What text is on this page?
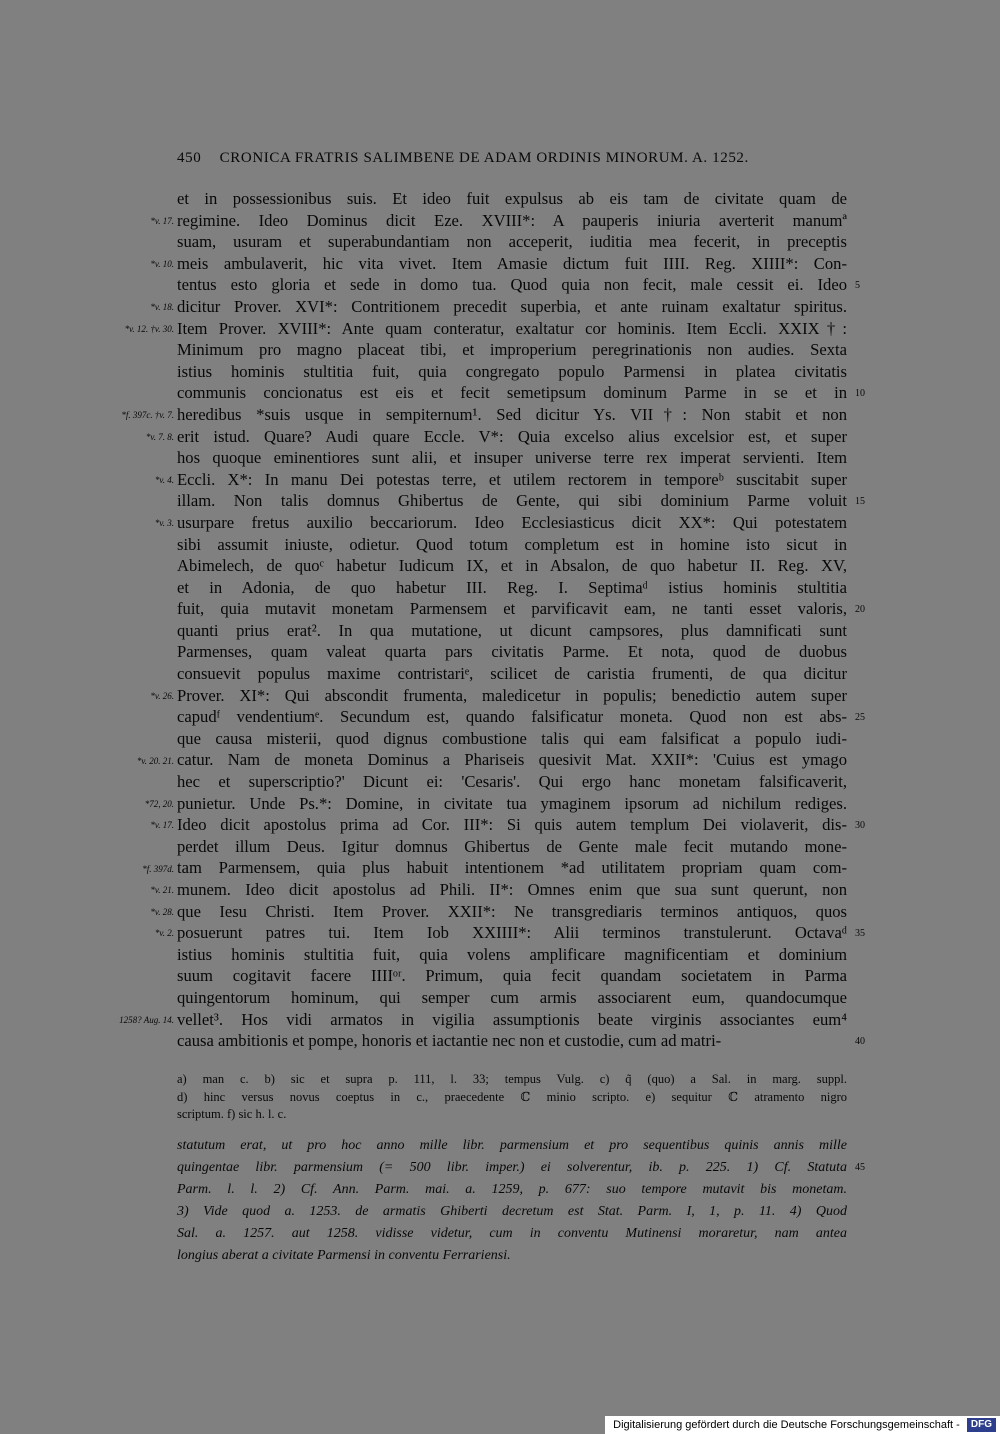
450 CRONICA FRATRIS SALIMBENE DE ADAM ORDINIS MINORUM. A. 1252.
et in possessionibus suis. Et ideo fuit expulsus ab eis tam de civitate quam de
regimine. Ideo Dominus dicit Eze. XVIII*: A pauperis iniuria averterit manumª
suam, usuram et superabundantiam non acceperit, iuditia mea fecerit, in preceptis
meis ambulaverit, hic vita vivet. Item Amasie dictum fuit IIII. Reg. XIIII*: Con-
tentus esto gloria et sede in domo tua. Quod quia non fecit, male cessit ei. Ideo
dicitur Prover. XVI*: Contritionem precedit superbia, et ante ruinam exaltatur spiritus.
Item Prover. XVIII*: Ante quam conteratur, exaltatur cor hominis. Item Eccli. XXIX†:
Minimum pro magno placeat tibi, et improperium peregrinationis non audies. Sexta
istius hominis stultitia fuit, quia congregato populo Parmensi in platea civitatis
communis concionatus est eis et fecit semetipsum dominum Parme in se et in
heredibus *suis usque in sempiternum¹. Sed dicitur Ys. VII†: Non stabit et non
erit istud. Quare? Audi quare Eccle. V*: Quia excelso alius excelsior est, et super
hos quoque eminentiores sunt alii, et insuper universe terre rex imperat servienti. Item
Eccli. X*: In manu Dei potestas terre, et utilem rectorem in temporeᵇ suscitabit super
illam. Non talis domnus Ghibertus de Gente, qui sibi dominium Parme voluit
usurpare fretus auxilio beccariorum. Ideo Ecclesiasticus dicit XX*: Qui potestatem
sibi assumit iniuste, odietur. Quod totum completum est in homine isto sicut in
Abimelech, de quoᶜ habetur Iudicum IX, et in Absalon, de quo habetur II. Reg. XV,
et in Adonia, de quo habetur III. Reg. I. Septimaᵈ istius hominis stultitia
fuit, quia mutavit monetam Parmensem et parvificavit eam, ne tanti esset valoris,
quanti prius erat². In qua mutatione, ut dicunt campsores, plus damnificati sunt
Parmenses, quam valeat quarta pars civitatis Parme. Et nota, quod de duobus
consuevit populus maxime contristariᵉ, scilicet de caristia frumenti, de qua dicitur
Prover. XI*: Qui abscondit frumenta, maledicetur in populis; benedictio autem super
capudᶠ vendentiumᵉ. Secundum est, quando falsificatur moneta. Quod non est abs-
que causa misterii, quod dignus combustione talis qui eam falsificat a populo iudi-
catur. Nam de moneta Dominus a Phariseis quesivit Mat. XXII*: 'Cuius est ymago
hec et superscriptio?' Dicunt ei: 'Cesaris'. Qui ergo hanc monetam falsificaverit,
punietur. Unde Ps.*: Domine, in civitate tua ymaginem ipsorum ad nichilum rediges.
Ideo dicit apostolus prima ad Cor. III*: Si quis autem templum Dei violaverit, dis-
perdet illum Deus. Igitur domnus Ghibertus de Gente male fecit mutando mone-
tam Parmensem, quia plus habuit intentionem *ad utilitatem propriam quam com-
munem. Ideo dicit apostolus ad Phili. II*: Omnes enim que sua sunt querunt, non
que Iesu Christi. Item Prover. XXII*: Ne transgrediaris terminos antiquos, quos
posuerunt patres tui. Item Iob XXIIII*: Alii terminos transtulerunt. Octavaᵈ
istius hominis stultitia fuit, quia volens amplificare magnificentiam et dominium
suum cogitavit facere IIIIᵒʳ. Primum, quia fecit quandam societatem in Parma
quingentorum hominum, qui semper cum armis associarent eum, quandocumque
vellet³. Hos vidi armatos in vigilia assumptionis beate virginis associantes eum⁴
causa ambitionis et pompe, honoris et iactantie nec non et custodie, cum ad matri-
*v. 17.
*v. 10.
*v. 18.
*v. 12. †v. 30.
*f. 397c. †v. 7.
*v. 7. 8.
*v. 4.
*v. 3.
*v. 26.
*v. 20. 21.
*72, 20.
*v. 17.
*f. 397d.
*v. 21.
*v. 28.
*v. 2.
1258? Aug. 14.
5
10
15
20
25
30
35
40
a) man c. b) sic et supra p. 111, l. 33; tempus Vulg. c) q̃ (quo) a Sal. in marg. suppl.
d) hinc versus novus coeptus in c., praecedente ℂ minio scripto. e) sequitur ℂ atramento nigro
scriptum. f) sic h. l. c.
statutum erat, ut pro hoc anno mille libr. parmensium et pro sequentibus quinis annis mille
quingentae libr. parmensium (= 500 libr. imper.) ei solverentur, ib. p. 225. 1) Cf. Statuta
Parm. l. l. 2) Cf. Ann. Parm. mai. a. 1259, p. 677: suo tempore mutavit bis monetam.
3) Vide quod a. 1253. de armatis Ghiberti decretum est Stat. Parm. I, 1, p. 11. 4) Quod
Sal. a. 1257. aut 1258. vidisse videtur, cum in conventu Mutinensi moraretur, nam antea
longius aberat a civitate Parmensi in conventu Ferrariensi.
45
Digitalisierung gefördert durch die Deutsche Forschungsgemeinschaft - DFG
